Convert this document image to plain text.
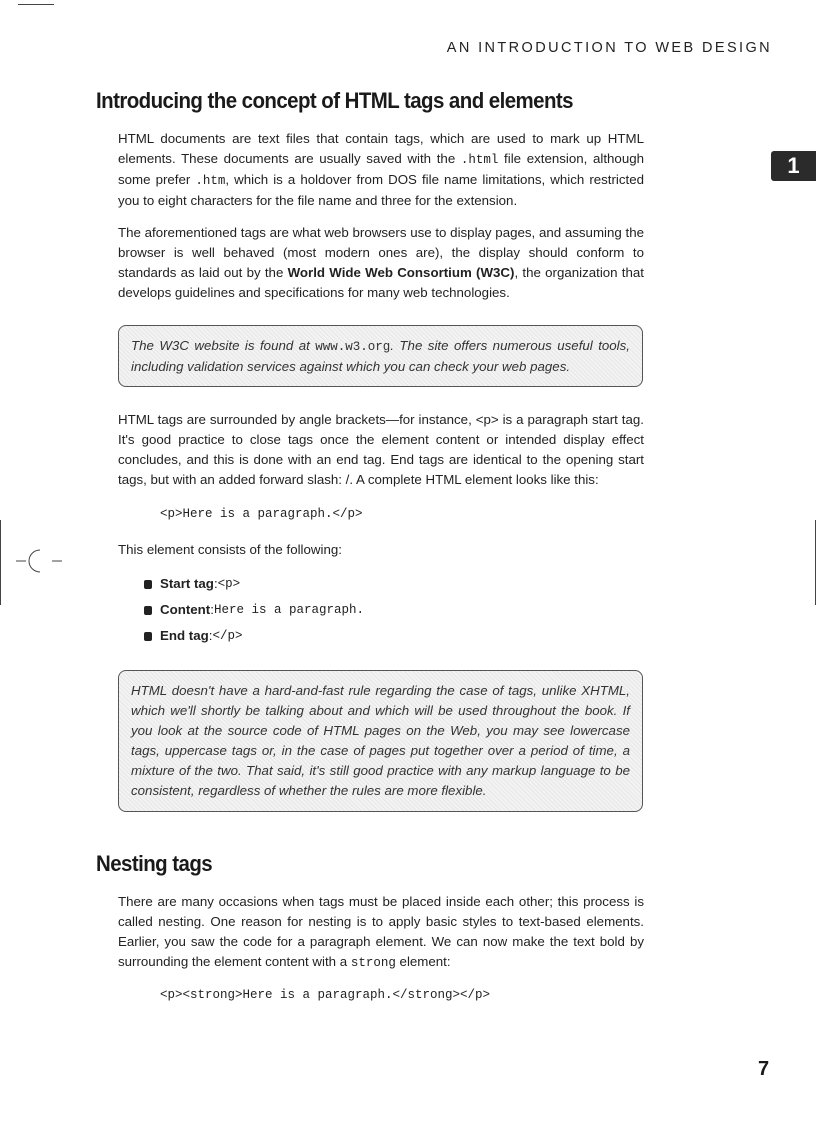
AN INTRODUCTION TO WEB DESIGN
1
Introducing the concept of HTML tags and elements

HTML documents are text files that contain tags, which are used to mark up HTML elements. These documents are usually saved with the .html file extension, although some prefer .htm, which is a holdover from DOS file name limitations, which restricted you to eight characters for the file name and three for the extension.

The aforementioned tags are what web browsers use to display pages, and assuming the browser is well behaved (most modern ones are), the display should conform to standards as laid out by the World Wide Web Consortium (W3C), the organization that develops guidelines and specifications for many web technologies.

The W3C website is found at www.w3.org. The site offers numerous useful tools, including validation services against which you can check your web pages.

HTML tags are surrounded by angle brackets—for instance, <p> is a paragraph start tag. It's good practice to close tags once the element content or intended display effect concludes, and this is done with an end tag. End tags are identical to the opening start tags, but with an added forward slash: /. A complete HTML element looks like this:

<p>Here is a paragraph.</p>

This element consists of the following:

Start tag : <p>
Content : Here is a paragraph.
End tag : </p>

HTML doesn't have a hard-and-fast rule regarding the case of tags, unlike XHTML, which we'll shortly be talking about and which will be used throughout the book. If you look at the source code of HTML pages on the Web, you may see lowercase tags, uppercase tags or, in the case of pages put together over a period of time, a mixture of the two. That said, it's still good practice with any markup language to be consistent, regardless of whether the rules are more flexible.

Nesting tags

There are many occasions when tags must be placed inside each other; this process is called nesting. One reason for nesting is to apply basic styles to text-based elements. Earlier, you saw the code for a paragraph element. We can now make the text bold by surrounding the element content with a strong element:

<p><strong>Here is a paragraph.</strong></p>
7
